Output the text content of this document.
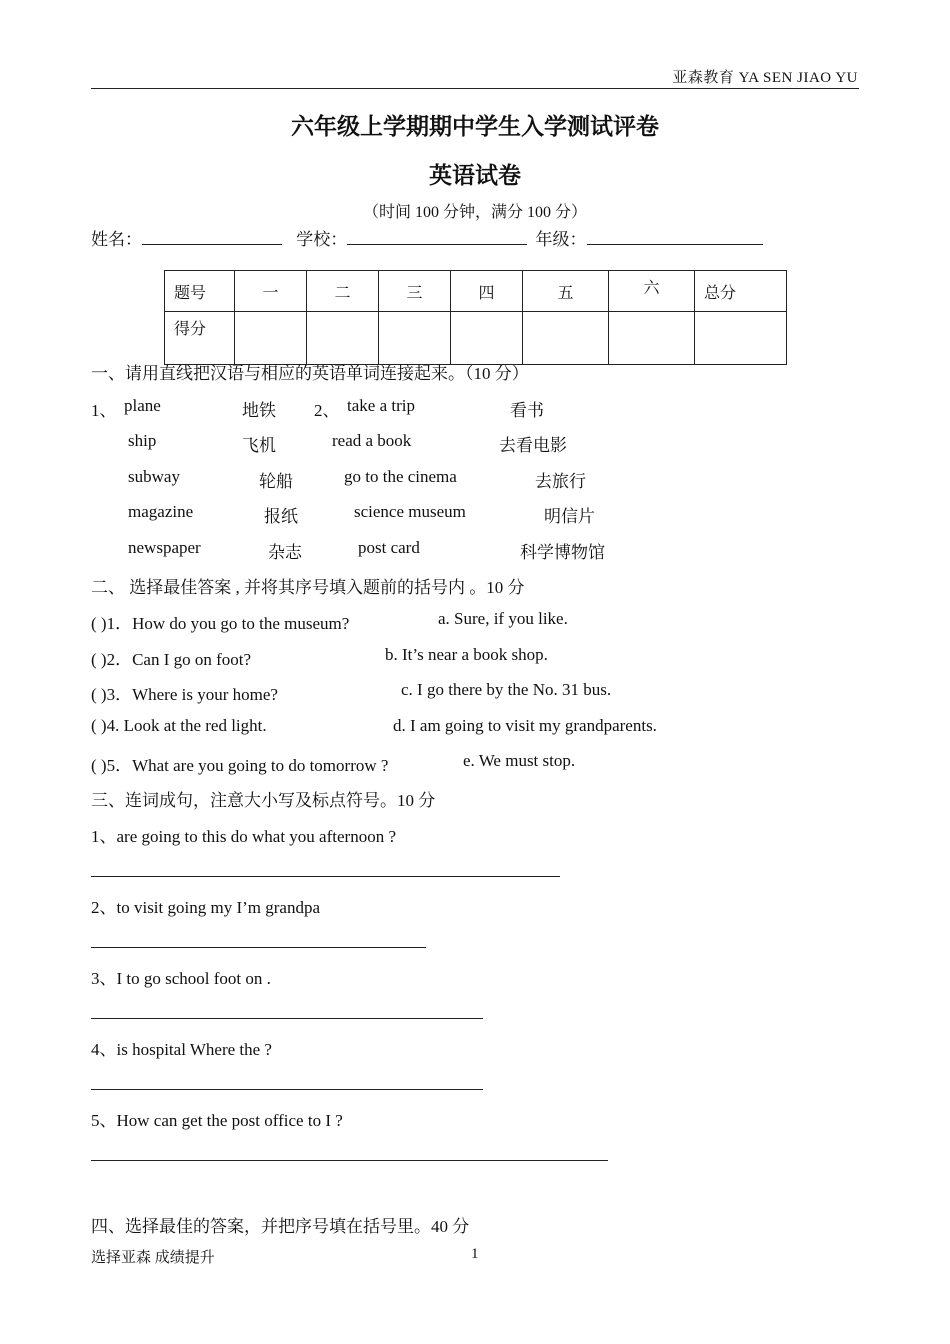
亚森教育 YA SEN JIAO YU
六年级上学期期中学生入学测试评卷
英语试卷
（时间 100 分钟，满分 100 分）
姓名：	学校：	年级：
题号	一	二	三	四	五	六	总分
得分							
一、请用直线把汉语与相应的英语单词连接起来。（10 分）
1、	2、
plane	地铁	take a trip	看书
ship	飞机	read a book	去看电影
subway	轮船	go to the cinema	去旅行
magazine	报纸	science museum	明信片
newspaper	杂志	post card	科学博物馆
二、 选择最佳答案 , 并将其序号填入题前的括号内 。10 分
( )1．How do you go to the museum?	a. Sure, if you like.
( )2．Can I go on foot?	b. It’s near a book shop.
( )3．Where is your home?	c. I go there by the No. 31 bus.
( )4. Look at the red light.	d. I am going to visit my grandparents.
( )5．What are you going to do tomorrow ?	e. We must stop.
三、连词成句，注意大小写及标点符号。10 分
1、are going to this do what you afternoon ?
2、to visit going my I’m grandpa
3、I to go school foot on .
4、is hospital Where the ?
5、How can get the post office to I ?
四、选择最佳的答案，并把序号填在括号里。40 分
选择亚森 成绩提升	1
